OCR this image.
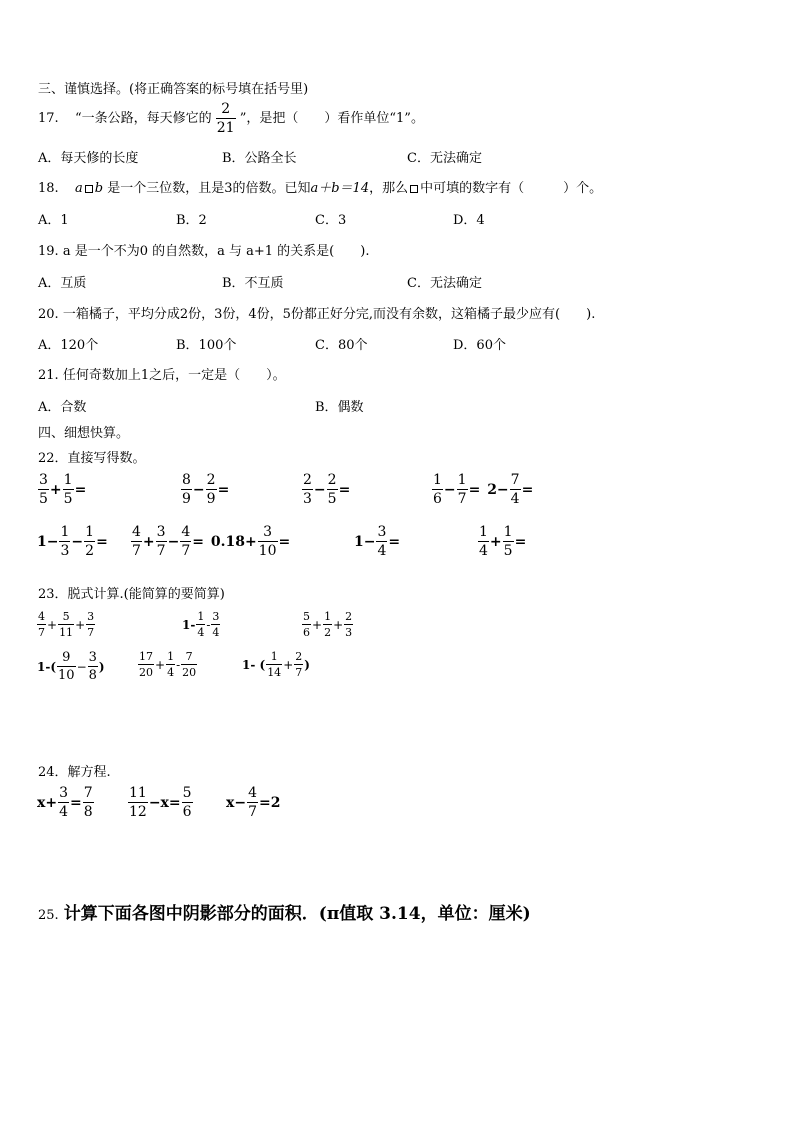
三、谨慎选择。(将正确答案的标号填在括号里)
17. “一条公路，每天修它的 $\frac{2}{21}$ ”，是把（　　）看作单位“1”。
A．每天修的长度	B．公路全长	C．无法确定
18. a b 是一个三位数，且是3的倍数。已知a＋b＝14，那么 中可填的数字有（　　　）个。
A．1	B．2	C．3	D．4
19. a 是一个不为0 的自然数，a 与 a+1 的关系是(　　).
A．互质	B．不互质	C．无法确定
20. 一箱橘子，平均分成2份，3份，4份，5份都正好分完,而没有余数，这箱橘子最少应有(　　).
A．120个	B．100个	C．80个	D．60个
21. 任何奇数加上1之后，一定是（　　）。
A．合数	B．偶数
四、细想快算。
22．直接写得数。
$\frac{3}{5} + \frac{1}{5}$ =	$\frac{8}{9} - \frac{2}{9}$ =	$\frac{2}{3} - \frac{2}{5}$ =	$\frac{1}{6} - \frac{1}{7} = 2- \frac{7}{4}$ =
$1- \frac{1}{3} - \frac{1}{2} = \frac{4}{7} + \frac{3}{7} - \frac{4}{7} = 0.18+ \frac{3}{10}$ =	$1- \frac{3}{4}$ =	$\frac{1}{4} + \frac{1}{5}$ =
23．脱式计算.(能简算的要简算)
$\frac{4}{7} + \frac{5}{11} + \frac{3}{7}$	$1- \frac{1}{4} - \frac{3}{4}$	$\frac{5}{6} + \frac{1}{2} + \frac{2}{3}$
$1-( \frac{9}{10} - \frac{3}{8}$ )	$\frac{17}{20} + \frac{1}{4} - \frac{7}{20}$	1- ( $\frac{1}{14} + \frac{2}{7}$ )
24．解方程.
$x+ \frac{3}{4} = \frac{7}{8} \frac{11}{12} -x= \frac{5}{6} x- \frac{4}{7} =2$
25. 计算下面各图中阴影部分的面积．(π值取 3.14，单位：厘米)
